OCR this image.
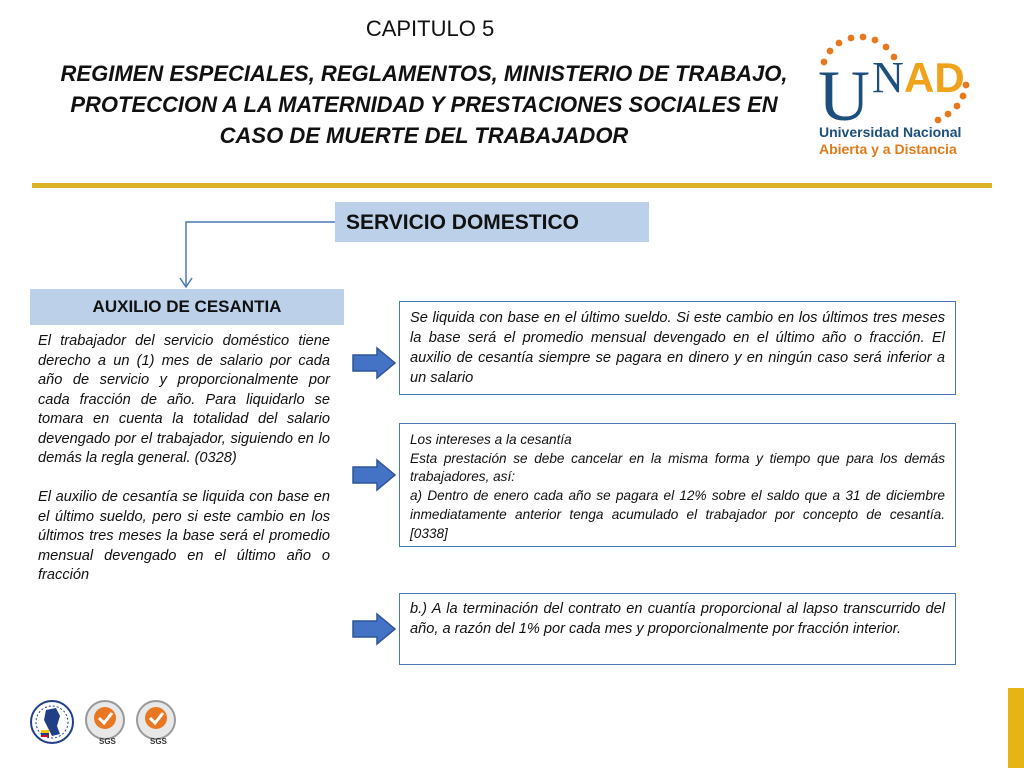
CAPITULO 5
REGIMEN ESPECIALES, REGLAMENTOS, MINISTERIO DE TRABAJO,
PROTECCION A LA MATERNIDAD Y PRESTACIONES SOCIALES EN
CASO DE MUERTE DEL TRABAJADOR	U N AD
Universidad Nacional
Abierta y a Distancia
SERVICIO DOMESTICO
AUXILIO DE CESANTIA

El trabajador del servicio doméstico tiene derecho a un (1) mes de salario por cada año de servicio y proporcionalmente por cada fracción de año. Para liquidarlo se tomara en cuenta la totalidad del salario devengado por el trabajador, siguiendo en lo demás la regla general. (0328)

El auxilio de cesantía se liquida con base en el último sueldo, pero si este cambio en los últimos tres meses la base será el promedio mensual devengado en el último año o fracción

Se liquida con base en el último sueldo. Si este cambio en los últimos tres meses la base será el promedio mensual devengado en el último año o fracción. El auxilio de cesantía siempre se pagara en dinero y en ningún caso será inferior a un salario

Los intereses a la cesantía

Esta prestación se debe cancelar en la misma forma y tiempo que para los demás trabajadores, así:

a) Dentro de enero cada año se pagara el 12% sobre el saldo que a 31 de diciembre inmediatamente anterior tenga acumulado el trabajador por concepto de cesantía. [0338]

b.) A la terminación del contrato en cuantía proporcional al lapso transcurrido del año, a razón del 1% por cada mes y proporcionalmente por fracción interior.

SGS	SGS
